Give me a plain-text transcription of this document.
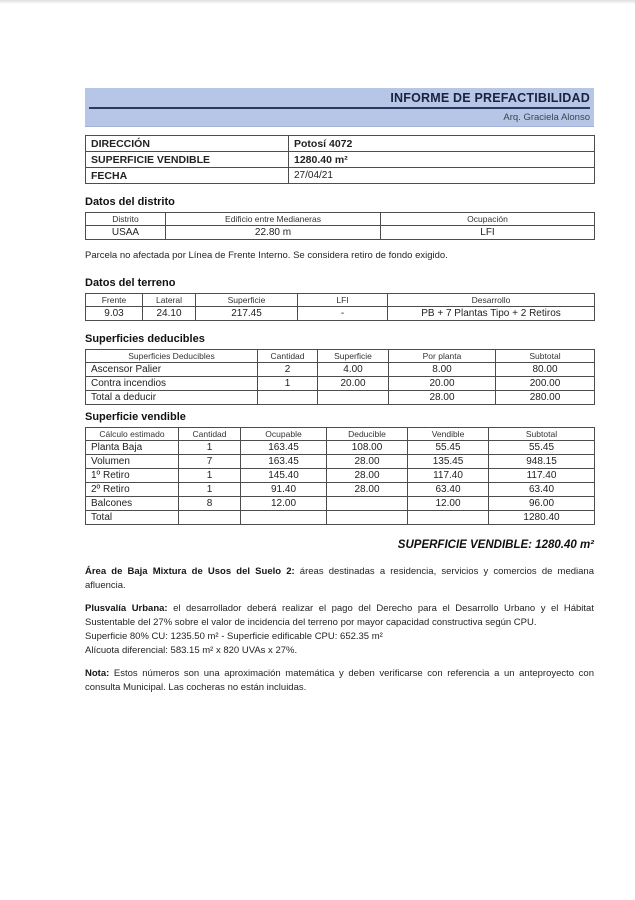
INFORME DE PREFACTIBILIDAD
Arq. Graciela Alonso
DIRECCIÓN	Potosí 4072
SUPERFICIE VENDIBLE	1280.40 m²
FECHA	27/04/21
Datos del distrito
Distrito	Edificio entre Medianeras	Ocupación
USAA	22.80 m	LFI

Parcela no afectada por Línea de Frente Interno. Se considera retiro de fondo exigido.

Datos del terreno
Frente	Lateral	Superficie	LFI	Desarrollo
9.03	24.10	217.45	-	PB + 7 Plantas Tipo + 2 Retiros
Superficies deducibles
Superficies Deducibles	Cantidad	Superficie	Por planta	Subtotal
Ascensor Palier	2	4.00	8.00	80.00
Contra incendios	1	20.00	20.00	200.00
Total a deducir			28.00	280.00
Superficie vendible
Cálculo estimado	Cantidad	Ocupable	Deducible	Vendible	Subtotal
Planta Baja	1	163.45	108.00	55.45	55.45
Volumen	7	163.45	28.00	135.45	948.15
1º Retiro	1	145.40	28.00	117.40	117.40
2º Retiro	1	91.40	28.00	63.40	63.40
Balcones	8	12.00		12.00	96.00
Total					1280.40
SUPERFICIE VENDIBLE: 1280.40 m²

Área de Baja Mixtura de Usos del Suelo 2: áreas destinadas a residencia, servicios y comercios de mediana afluencia.

Plusvalía Urbana: el desarrollador deberá realizar el pago del Derecho para el Desarrollo Urbano y el Hábitat Sustentable del 27% sobre el valor de incidencia del terreno por mayor capacidad constructiva según CPU.

Superficie 80% CU: 1235.50 m² - Superficie edificable CPU: 652.35 m²

Alícuota diferencial: 583.15 m² x 820 UVAs x 27%.

Nota: Estos números son una aproximación matemática y deben verificarse con referencia a un anteproyecto con consulta Municipal. Las cocheras no están incluidas.
